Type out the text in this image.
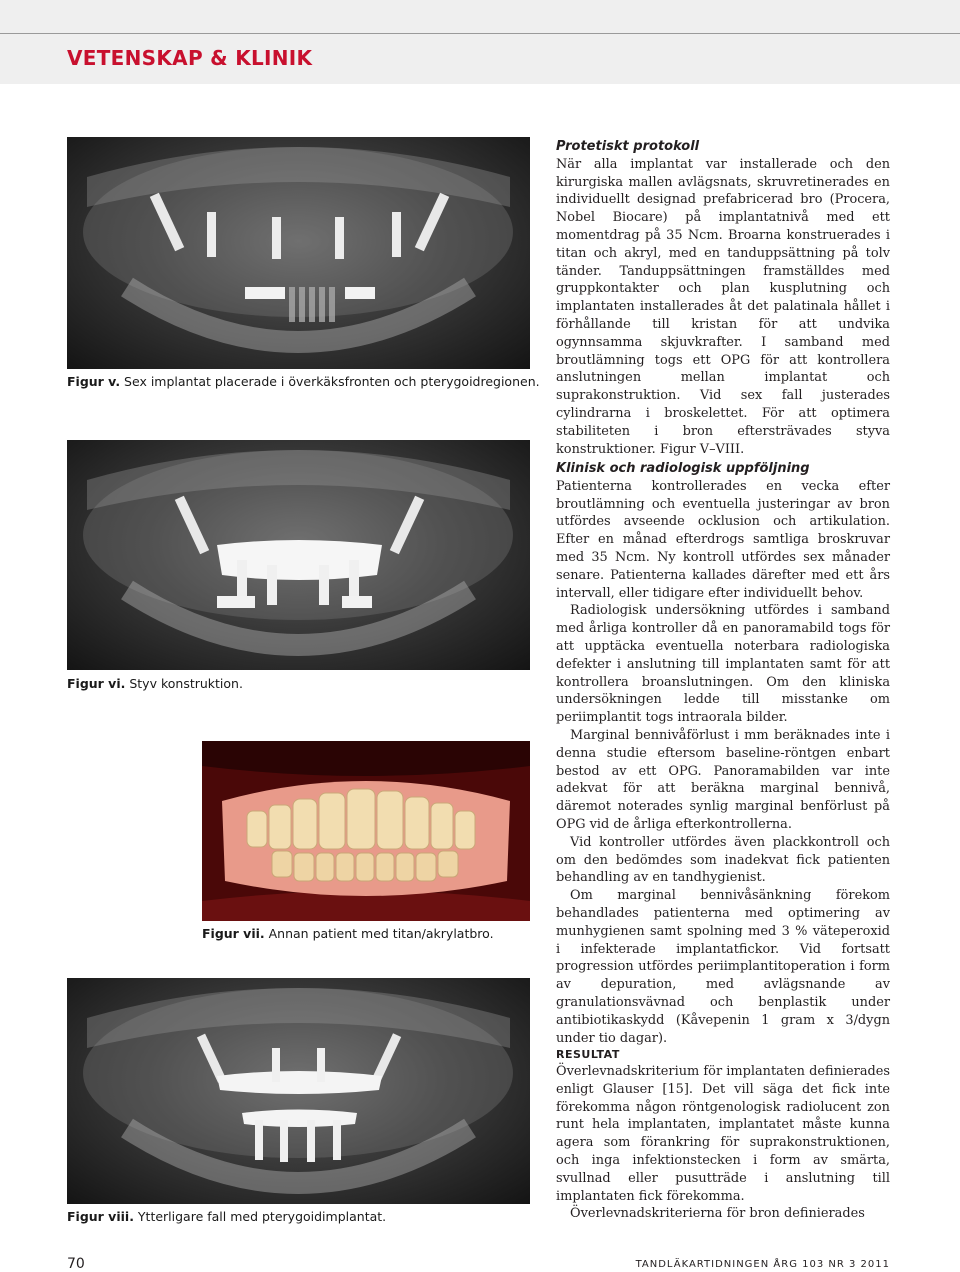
VETENSKAP & KLINIK
Figur v. Sex implantat placerade i överkäksfronten och pterygoidregionen.
Figur vi. Styv konstruktion.
Figur vii. Annan patient med titan/akrylatbro.
Figur viii. Ytterligare fall med pterygoidimplantat.

Protetiskt protokoll

När alla implantat var installerade och den kirurgiska mallen avlägsnats, skruvretinerades en individuellt designad prefabricerad bro (Procera, Nobel Biocare) på implantatnivå med ett momentdrag på 35 Ncm. Broarna konstruerades i titan och akryl, med en tanduppsättning på tolv tänder. Tanduppsättningen framställdes med gruppkontakter och plan kusplutning och implantaten installerades åt det palatinala hållet i förhållande till kristan för att undvika ogynnsamma skjuvkrafter. I samband med broutlämning togs ett OPG för att kontrollera anslutningen mellan implantat och suprakonstruktion. Vid sex fall justerades cylindrarna i broskelettet. För att optimera stabiliteten i bron eftersträvades styva konstruktioner. Figur V–VIII.

Klinisk och radiologisk uppföljning

Patienterna kontrollerades en vecka efter broutlämning och eventuella justeringar av bron utfördes avseende ocklusion och artikulation. Efter en månad efterdrogs samtliga broskruvar med 35 Ncm. Ny kontroll utfördes sex månader senare. Patienterna kallades därefter med ett års intervall, eller tidigare efter individuellt behov.

Radiologisk undersökning utfördes i samband med årliga kontroller då en panoramabild togs för att upptäcka eventuella noterbara radiologiska defekter i anslutning till implantaten samt för att kontrollera broanslutningen. Om den kliniska undersökningen ledde till misstanke om periimplantit togs intraorala bilder.

Marginal bennivåförlust i mm beräknades inte i denna studie eftersom baseline-röntgen enbart bestod av ett OPG. Panoramabilden var inte adekvat för att beräkna marginal bennivå, däremot noterades synlig marginal benförlust på OPG vid de årliga efterkontrollerna.

Vid kontroller utfördes även plackkontroll och om den bedömdes som inadekvat fick patienten behandling av en tandhygienist.

Om marginal bennivåsänkning förekom behandlades patienterna med optimering av munhygienen samt spolning med 3 % väteperoxid i infekterade implantatfickor. Vid fortsatt progression utfördes periimplantitoperation i form av depuration, med avlägsnande av granulationsvävnad och benplastik under antibiotikaskydd (Kåvepenin 1 gram x 3/dygn under tio dagar).

RESULTAT

Överlevnadskriterium för implantaten definierades enligt Glauser [15]. Det vill säga det fick inte förekomma någon röntgenologisk radiolucent zon runt hela implantaten, implantatet måste kunna agera som förankring för suprakonstruktionen, och inga infektionstecken i form av smärta, svullnad eller pusutträde i anslutning till implantaten fick förekomma.

Överlevnadskriterierna för bron definierades

70	TANDLÄKARTIDNINGEN ÅRG 103 NR 3 2011
